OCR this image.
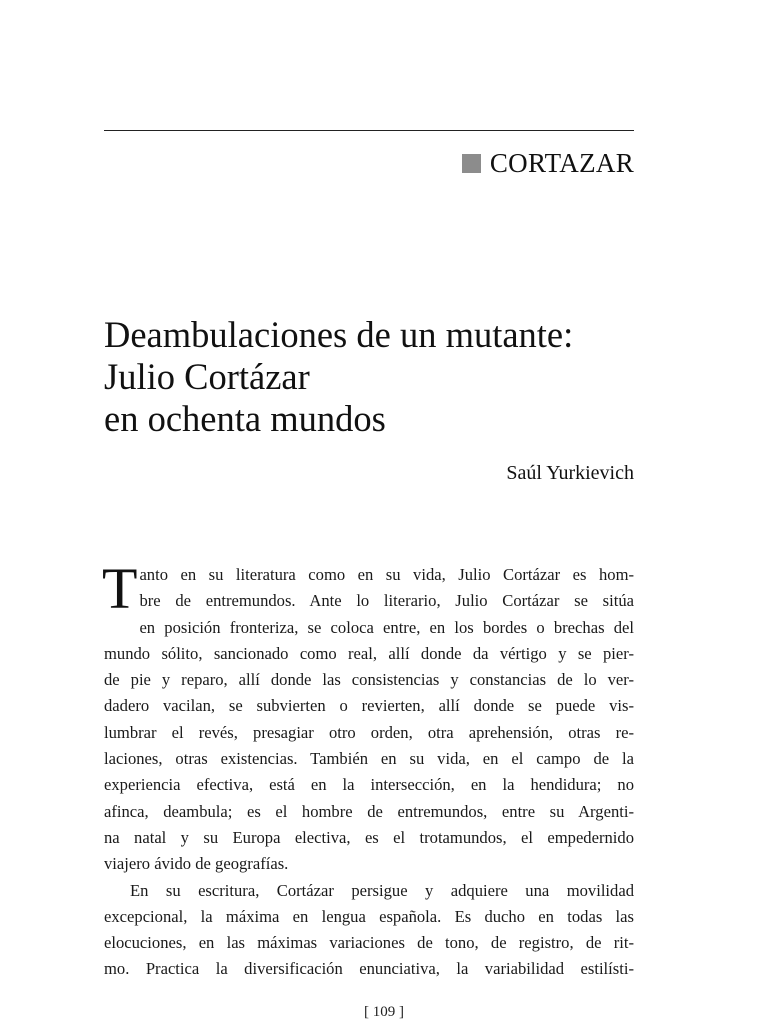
CORTAZAR
Deambulaciones de un mutante:
Julio Cortázar
en ochenta mundos
Saúl Yurkievich
T anto en su literatura como en su vida, Julio Cortázar es hom-
bre de entremundos. Ante lo literario, Julio Cortázar se sitúa
en posición fronteriza, se coloca entre, en los bordes o brechas del
mundo sólito, sancionado como real, allí donde da vértigo y se pier-
de pie y reparo, allí donde las consistencias y constancias de lo ver-
dadero vacilan, se subvierten o revierten, allí donde se puede vis-
lumbrar el revés, presagiar otro orden, otra aprehensión, otras re-
laciones, otras existencias. También en su vida, en el campo de la
experiencia efectiva, está en la intersección, en la hendidura; no
afinca, deambula; es el hombre de entremundos, entre su Argenti-
na natal y su Europa electiva, es el trotamundos, el empedernido
viajero ávido de geografías.
En su escritura, Cortázar persigue y adquiere una movilidad
excepcional, la máxima en lengua española. Es ducho en todas las
elocuciones, en las máximas variaciones de tono, de registro, de rit-
mo. Practica la diversificación enunciativa, la variabilidad estilísti-
[ 109 ]
